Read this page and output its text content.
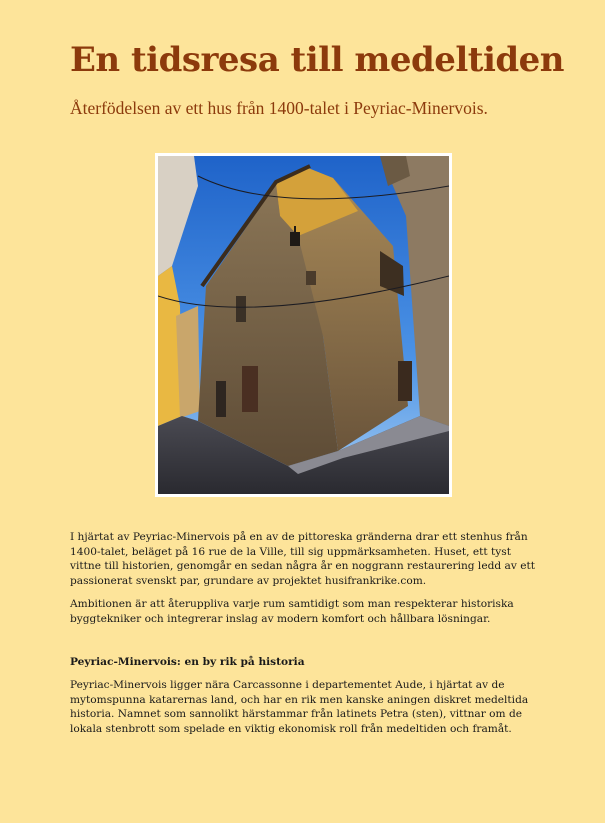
En tidsresa till medeltiden
Återfödelsen av ett hus från 1400-talet i Peyriac-Minervois.

I hjärtat av Peyriac-Minervois på en av de pittoreska gränderna drar ett stenhus från 1400-talet, beläget på 16 rue de la Ville, till sig uppmärksamheten. Huset, ett tyst vittne till historien, genomgår en sedan några år en noggrann restaurering ledd av ett passionerat svenskt par, grundare av projektet husifrankrike.com.

Ambitionen är att återuppliva varje rum samtidigt som man respekterar historiska byggtekniker och integrerar inslag av modern komfort och hållbara lösningar.

Peyriac-Minervois: en by rik på historia

Peyriac-Minervois ligger nära Carcassonne i departementet Aude, i hjärtat av de mytomspunna katarernas land, och har en rik men kanske aningen diskret medeltida historia. Namnet som sannolikt härstammar från latinets Petra (sten), vittnar om de lokala stenbrott som spelade en viktig ekonomisk roll från medeltiden och framåt.
